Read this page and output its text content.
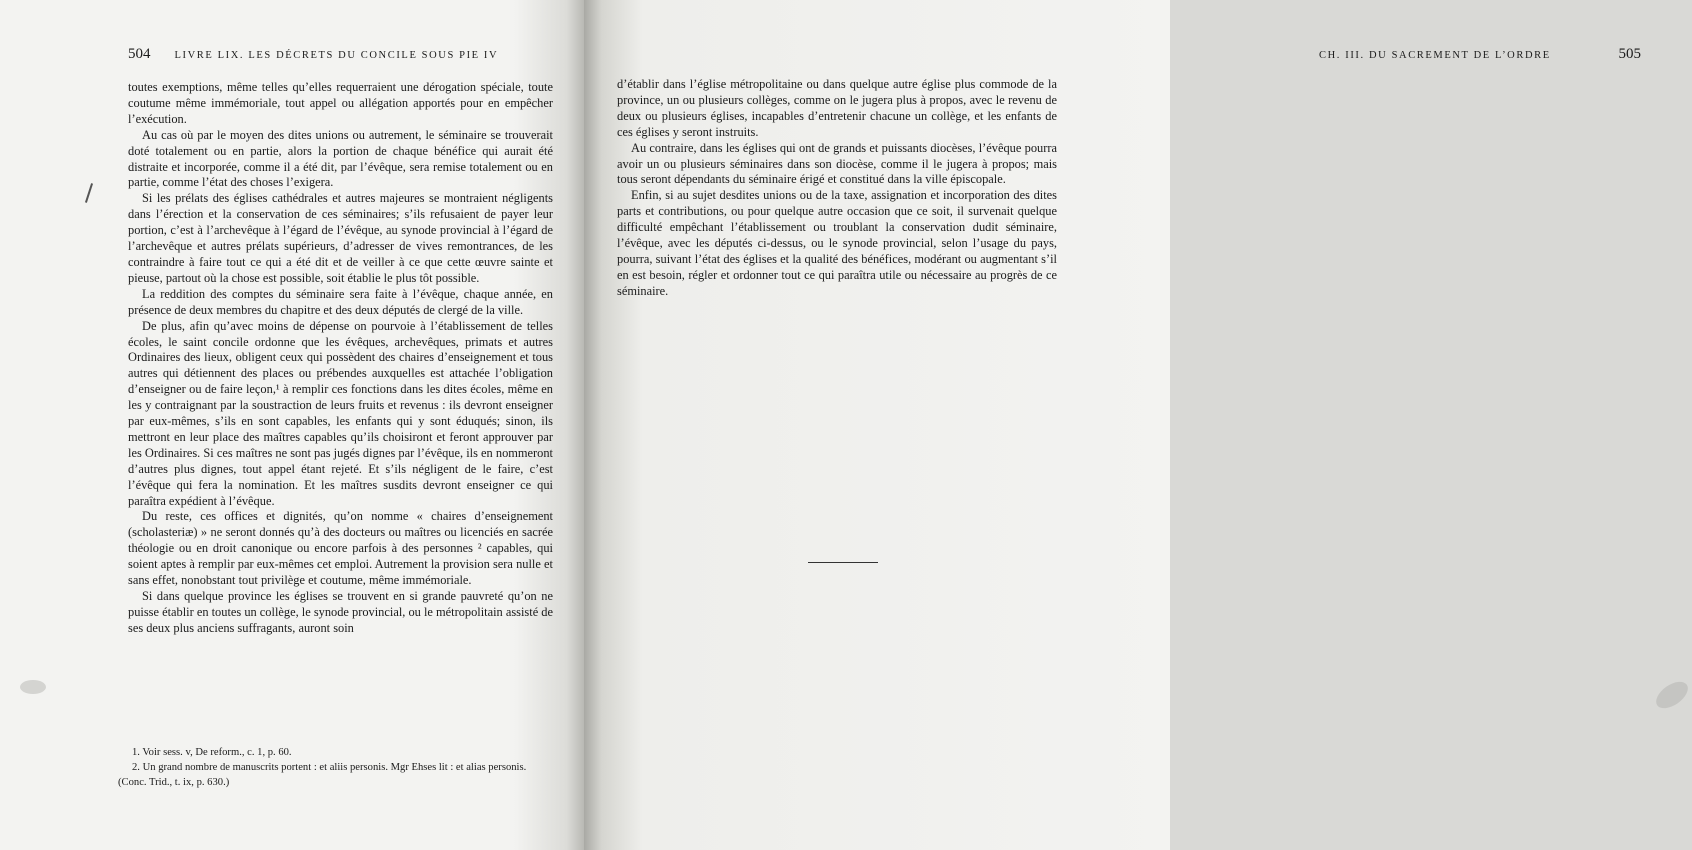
504 LIVRE LIX. LES DÉCRETS DU CONCILE SOUS PIE IV

toutes exemptions, même telles qu’elles requerraient une dérogation spéciale, toute coutume même immémoriale, tout appel ou allégation apportés pour en empêcher l’exécution.

Au cas où par le moyen des dites unions ou autrement, le séminaire se trouverait doté totalement ou en partie, alors la portion de chaque bénéfice qui aurait été distraite et incorporée, comme il a été dit, par l’évêque, sera remise totalement ou en partie, comme l’état des choses l’exigera.

Si les prélats des églises cathédrales et autres majeures se montraient négligents dans l’érection et la conservation de ces séminaires; s’ils refusaient de payer leur portion, c’est à l’archevêque à l’égard de l’évêque, au synode provincial à l’égard de l’archevêque et autres prélats supérieurs, d’adresser de vives remontrances, de les contraindre à faire tout ce qui a été dit et de veiller à ce que cette œuvre sainte et pieuse, partout où la chose est possible, soit établie le plus tôt possible.

La reddition des comptes du séminaire sera faite à l’évêque, chaque année, en présence de deux membres du chapitre et des deux députés de clergé de la ville.

De plus, afin qu’avec moins de dépense on pourvoie à l’établissement de telles écoles, le saint concile ordonne que les évêques, archevêques, primats et autres Ordinaires des lieux, obligent ceux qui possèdent des chaires d’enseignement et tous autres qui détiennent des places ou prébendes auxquelles est attachée l’obligation d’enseigner ou de faire leçon,¹ à remplir ces fonctions dans les dites écoles, même en les y contraignant par la soustraction de leurs fruits et revenus : ils devront enseigner par eux-mêmes, s’ils en sont capables, les enfants qui y sont éduqués; sinon, ils mettront en leur place des maîtres capables qu’ils choisiront et feront approuver par les Ordinaires. Si ces maîtres ne sont pas jugés dignes par l’évêque, ils en nommeront d’autres plus dignes, tout appel étant rejeté. Et s’ils négligent de le faire, c’est l’évêque qui fera la nomination. Et les maîtres susdits devront enseigner ce qui paraîtra expédient à l’évêque.

Du reste, ces offices et dignités, qu’on nomme « chaires d’enseignement (scholasteriæ) » ne seront donnés qu’à des docteurs ou maîtres ou licenciés en sacrée théologie ou en droit canonique ou encore parfois à des personnes ² capables, qui soient aptes à remplir par eux-mêmes cet emploi. Autrement la provision sera nulle et sans effet, nonobstant tout privilège et coutume, même immémoriale.

Si dans quelque province les églises se trouvent en si grande pauvreté qu’on ne puisse établir en toutes un collège, le synode provincial, ou le métropolitain assisté de ses deux plus anciens suffragants, auront soin

1. Voir sess. v, De reform., c. 1, p. 60.

2. Un grand nombre de manuscrits portent : et aliis personis. Mgr Ehses lit : et alias personis. (Conc. Trid., t. ix, p. 630.)

CH. III. DU SACREMENT DE L’ORDRE	505

d’établir dans l’église métropolitaine ou dans quelque autre église plus commode de la province, un ou plusieurs collèges, comme on le jugera plus à propos, avec le revenu de deux ou plusieurs églises, incapables d’entretenir chacune un collège, et les enfants de ces églises y seront instruits.

Au contraire, dans les églises qui ont de grands et puissants diocèses, l’évêque pourra avoir un ou plusieurs séminaires dans son diocèse, comme il le jugera à propos; mais tous seront dépendants du séminaire érigé et constitué dans la ville épiscopale.

Enfin, si au sujet desdites unions ou de la taxe, assignation et incorporation des dites parts et contributions, ou pour quelque autre occasion que ce soit, il survenait quelque difficulté empêchant l’établissement ou troublant la conservation dudit séminaire, l’évêque, avec les députés ci-dessus, ou le synode provincial, selon l’usage du pays, pourra, suivant l’état des églises et la qualité des bénéfices, modérant ou augmentant s’il en est besoin, régler et ordonner tout ce qui paraîtra utile ou nécessaire au progrès de ce séminaire.
